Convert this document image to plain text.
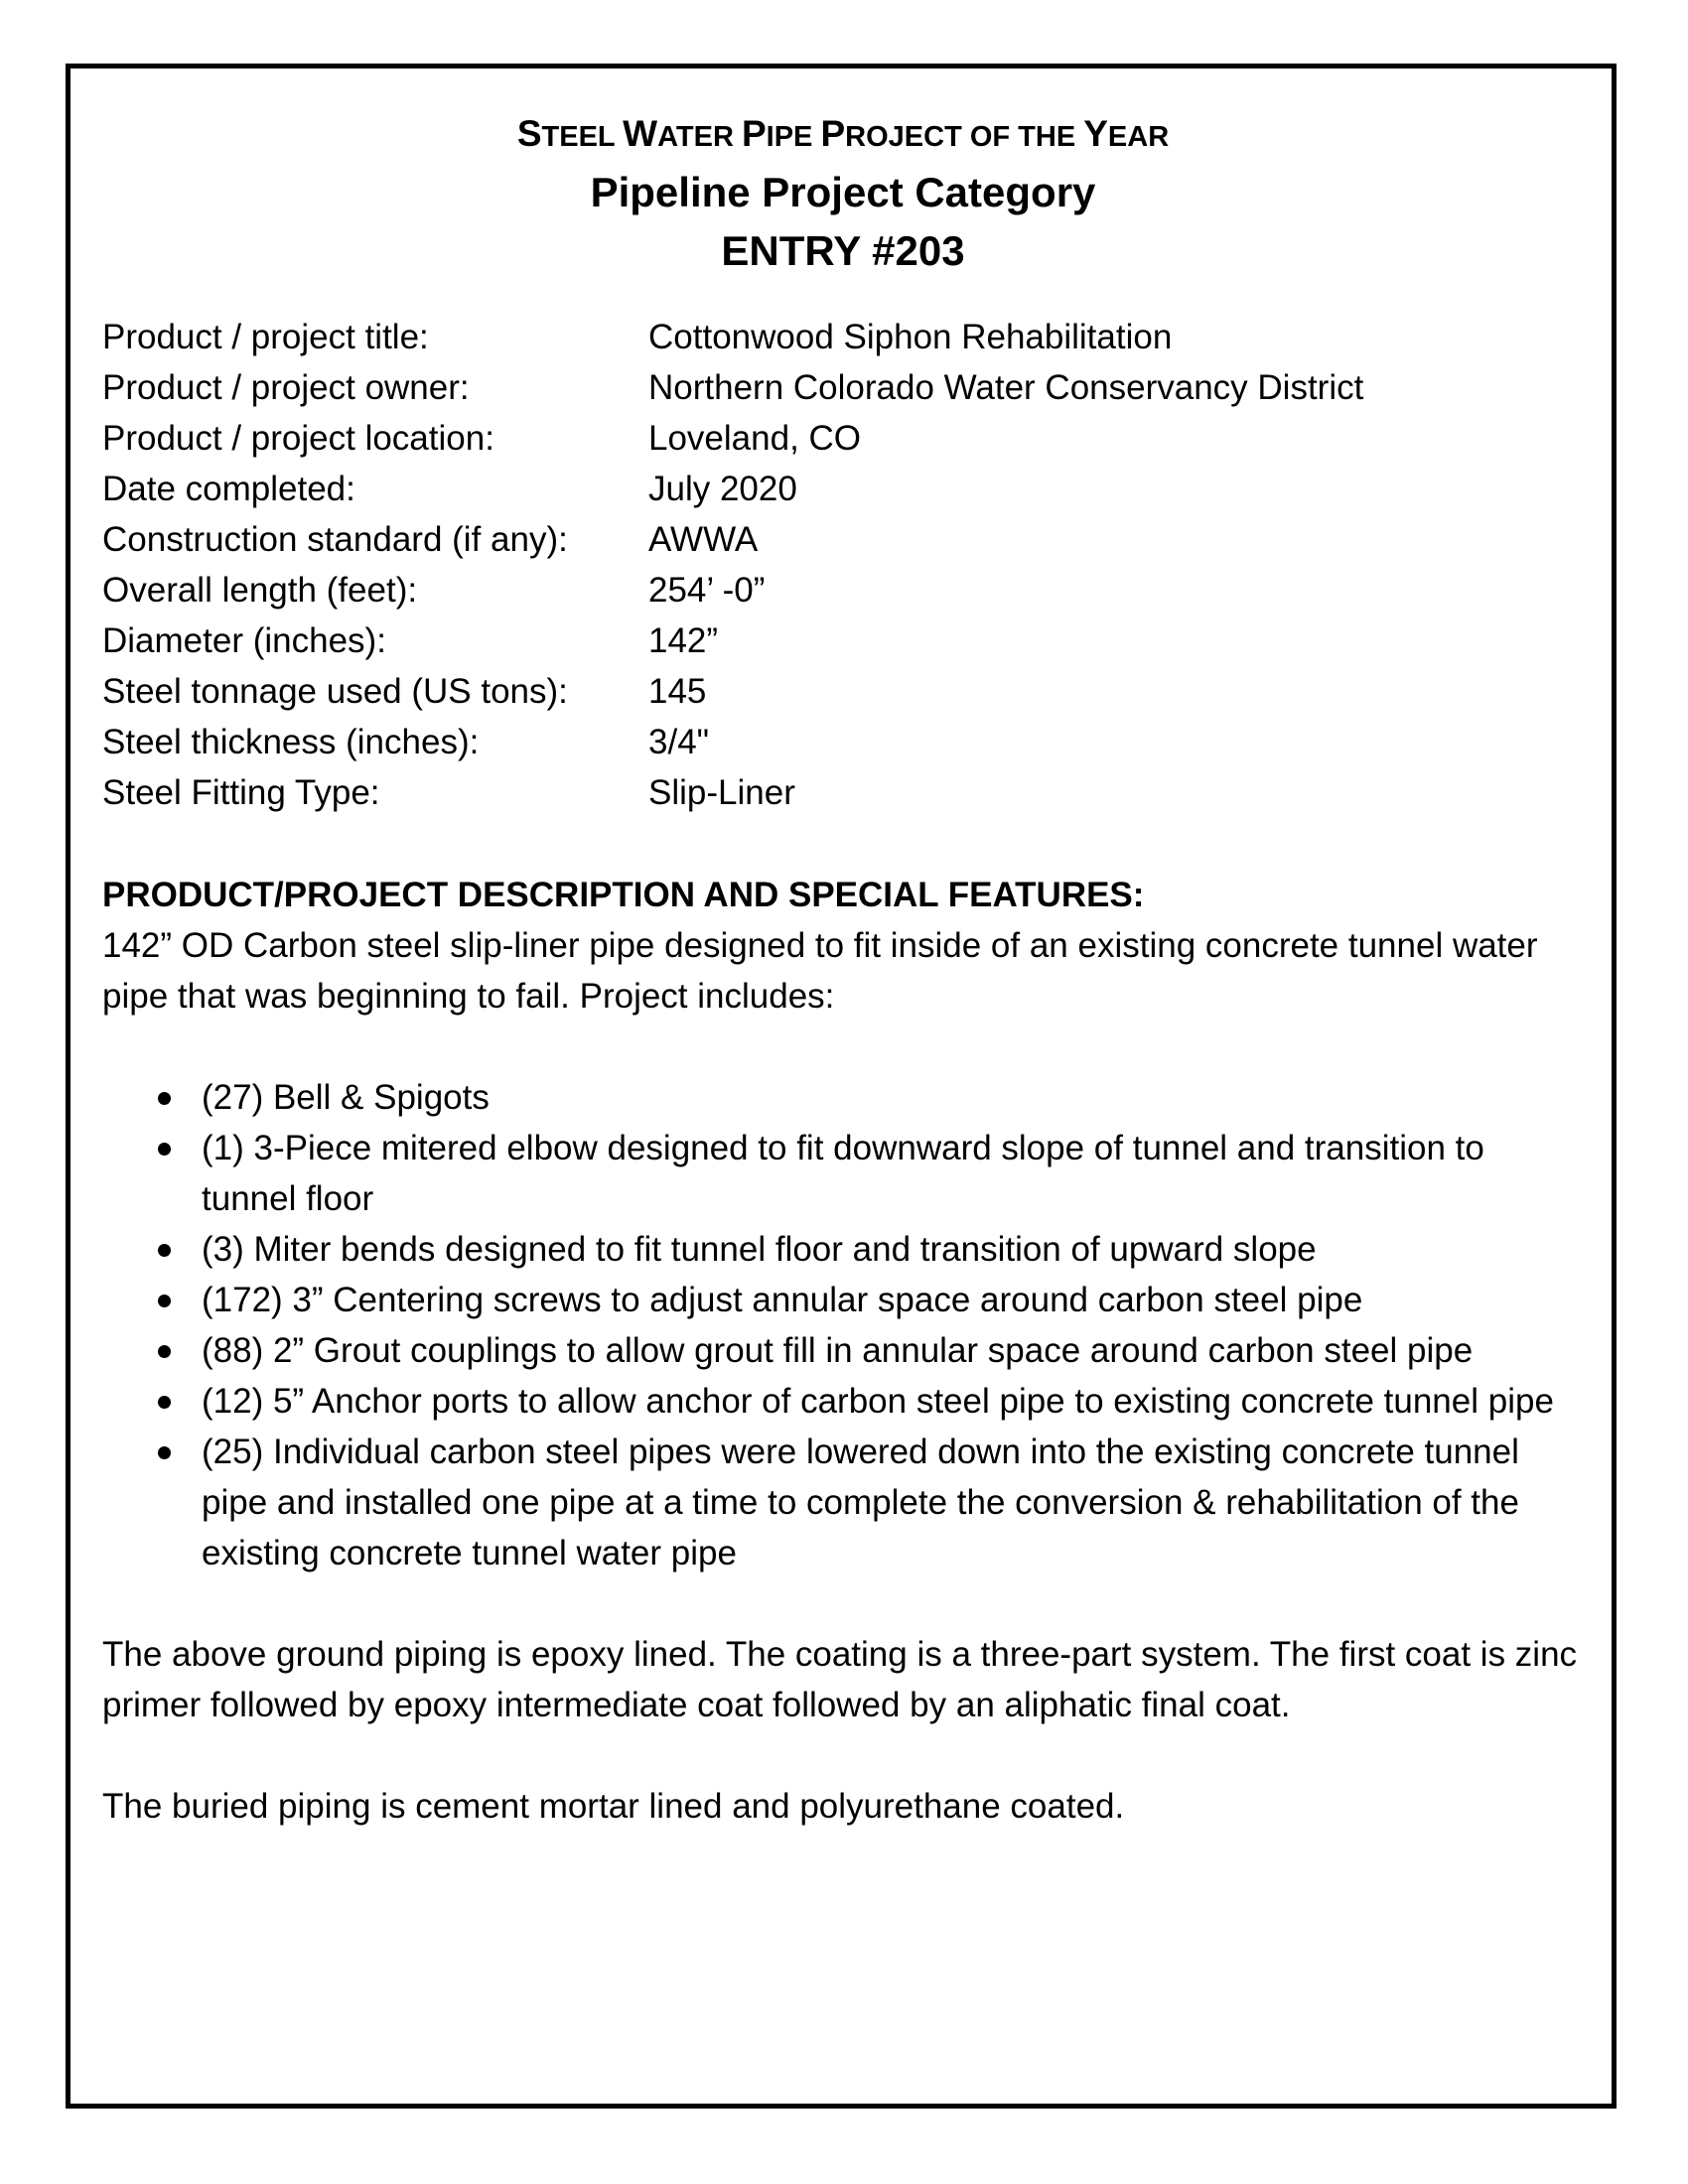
STEEL WATER PIPE PROJECT OF THE YEAR
Pipeline Project Category
ENTRY #203
Product / project title:	Cottonwood Siphon Rehabilitation
Product / project owner:	Northern Colorado Water Conservancy District
Product / project location:	Loveland, CO
Date completed:	July 2020
Construction standard (if any):	AWWA
Overall length (feet):	254’ -0”
Diameter (inches):	142”
Steel tonnage used (US tons):	145
Steel thickness (inches):	3/4"
Steel Fitting Type:	Slip-Liner
PRODUCT/PROJECT DESCRIPTION AND SPECIAL FEATURES:
142” OD Carbon steel slip-liner pipe designed to fit inside of an existing concrete tunnel water pipe that was beginning to fail. Project includes:
(27) Bell & Spigots
(1) 3-Piece mitered elbow designed to fit downward slope of tunnel and transition to tunnel floor
(3) Miter bends designed to fit tunnel floor and transition of upward slope
(172) 3” Centering screws to adjust annular space around carbon steel pipe
(88) 2” Grout couplings to allow grout fill in annular space around carbon steel pipe
(12) 5” Anchor ports to allow anchor of carbon steel pipe to existing concrete tunnel pipe
(25) Individual carbon steel pipes were lowered down into the existing concrete tunnel pipe and installed one pipe at a time to complete the conversion & rehabilitation of the existing concrete tunnel water pipe
The above ground piping is epoxy lined. The coating is a three-part system. The first coat is zinc primer followed by epoxy intermediate coat followed by an aliphatic final coat.
The buried piping is cement mortar lined and polyurethane coated.
